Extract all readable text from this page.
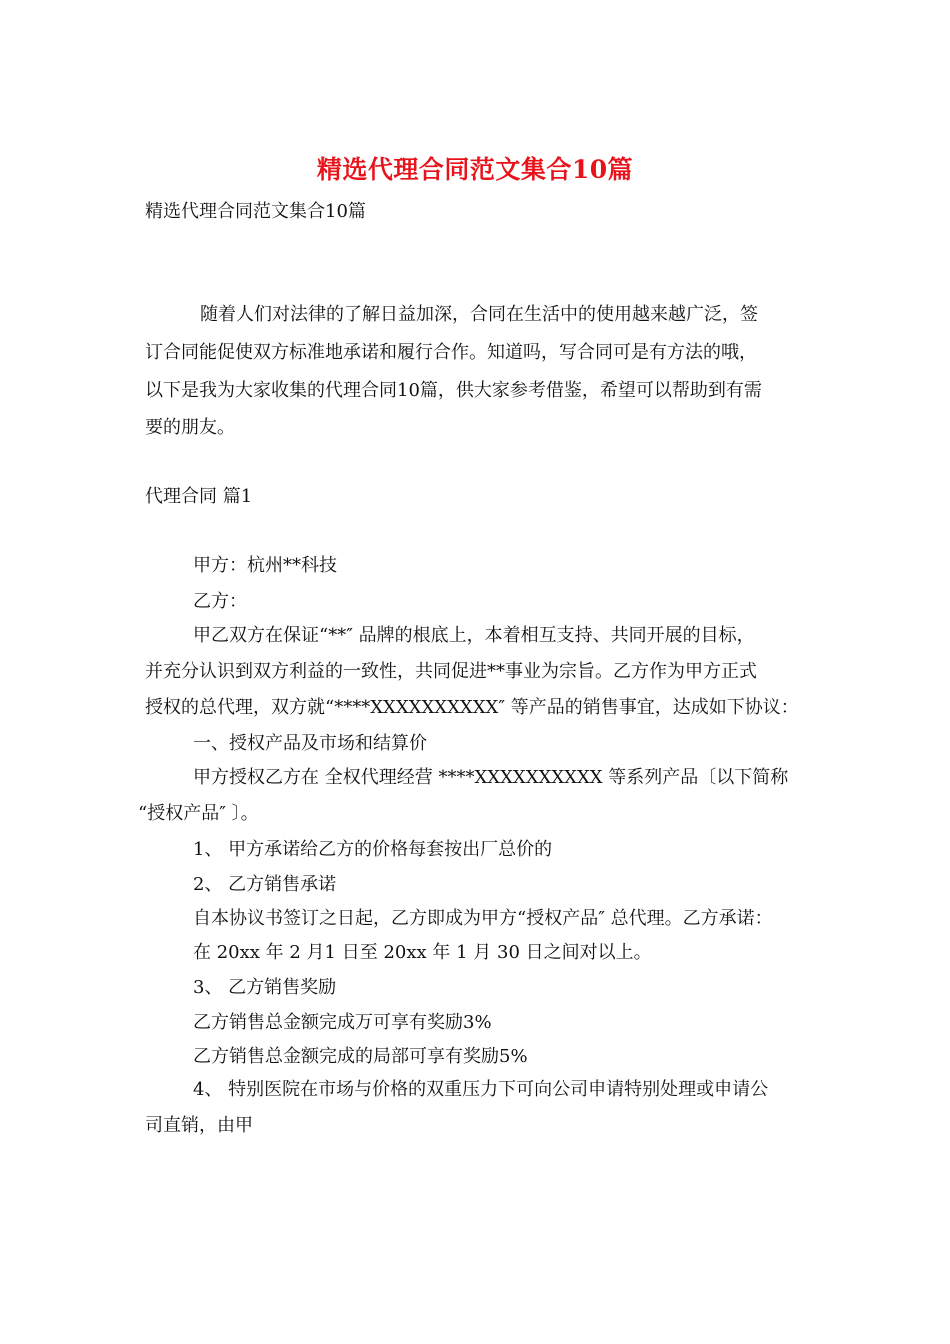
精选代理合同范文集合10篇
精选代理合同范文集合10篇
随着人们对法律的了解日益加深，合同在生活中的使用越来越广泛，签
订合同能促使双方标准地承诺和履行合作。知道吗，写合同可是有方法的哦，
以下是我为大家收集的代理合同10篇，供大家参考借鉴，希望可以帮助到有需
要的朋友。
代理合同 篇1
甲方：杭州**科技
乙方：
甲乙双方在保证“**″ 品牌的根底上，本着相互支持、共同开展的目标，
并充分认识到双方利益的一致性，共同促进**事业为宗旨。乙方作为甲方正式
授权的总代理，双方就“****XXXXXXXXXX″ 等产品的销售事宜，达成如下协议：
一、授权产品及市场和结算价
甲方授权乙方在 全权代理经营 ****XXXXXXXXXX 等系列产品〔以下简称
“授权产品″ 〕。
1、 甲方承诺给乙方的价格每套按出厂总价的
2、 乙方销售承诺
自本协议书签订之日起，乙方即成为甲方“授权产品″ 总代理。乙方承诺：
在 20xx 年 2 月1 日至 20xx 年 1 月 30 日之间对以上。
3、 乙方销售奖励
乙方销售总金额完成万可享有奖励3%
乙方销售总金额完成的局部可享有奖励5%
4、 特别医院在市场与价格的双重压力下可向公司申请特别处理或申请公
司直销，由甲
